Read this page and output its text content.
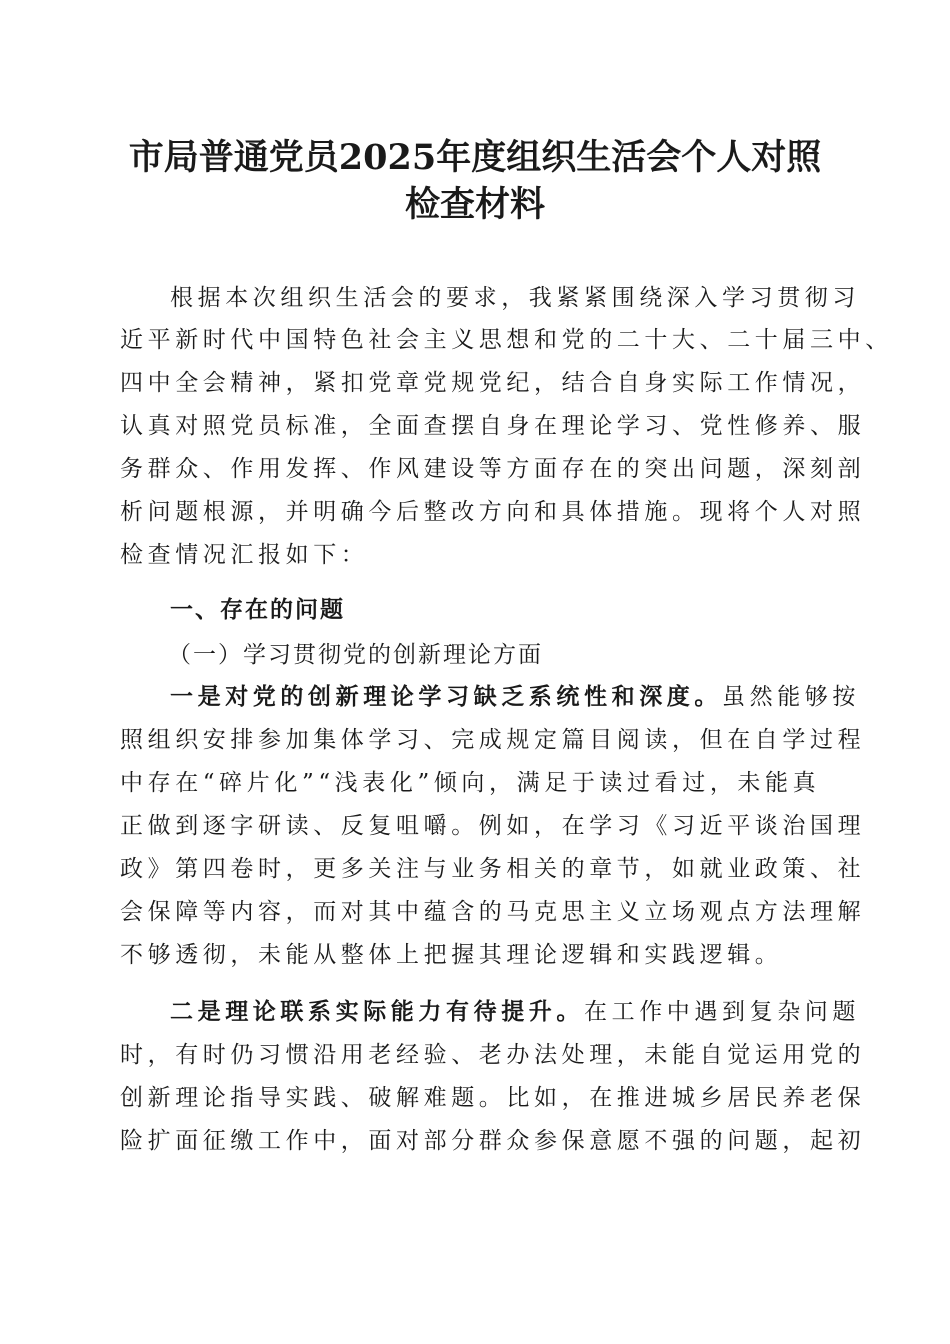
市局普通党员2025年度组织生活会个人对照
检查材料
根据本次组织生活会的要求，我紧紧围绕深入学习贯彻习
近平新时代中国特色社会主义思想和党的二十大、二十届三中、
四中全会精神，紧扣党章党规党纪，结合自身实际工作情况，
认真对照党员标准，全面查摆自身在理论学习、党性修养、服
务群众、作用发挥、作风建设等方面存在的突出问题，深刻剖
析问题根源，并明确今后整改方向和具体措施。现将个人对照
检查情况汇报如下：
一、存在的问题
（一）学习贯彻党的创新理论方面
一是对党的创新理论学习缺乏系统性和深度。虽然能够按
照组织安排参加集体学习、完成规定篇目阅读，但在自学过程
中存在“碎片化”“浅表化”倾向，满足于读过看过，未能真
正做到逐字研读、反复咀嚼。例如，在学习《习近平谈治国理
政》第四卷时，更多关注与业务相关的章节，如就业政策、社
会保障等内容，而对其中蕴含的马克思主义立场观点方法理解
不够透彻，未能从整体上把握其理论逻辑和实践逻辑。
二是理论联系实际能力有待提升。在工作中遇到复杂问题
时，有时仍习惯沿用老经验、老办法处理，未能自觉运用党的
创新理论指导实践、破解难题。比如，在推进城乡居民养老保
险扩面征缴工作中，面对部分群众参保意愿不强的问题，起初
